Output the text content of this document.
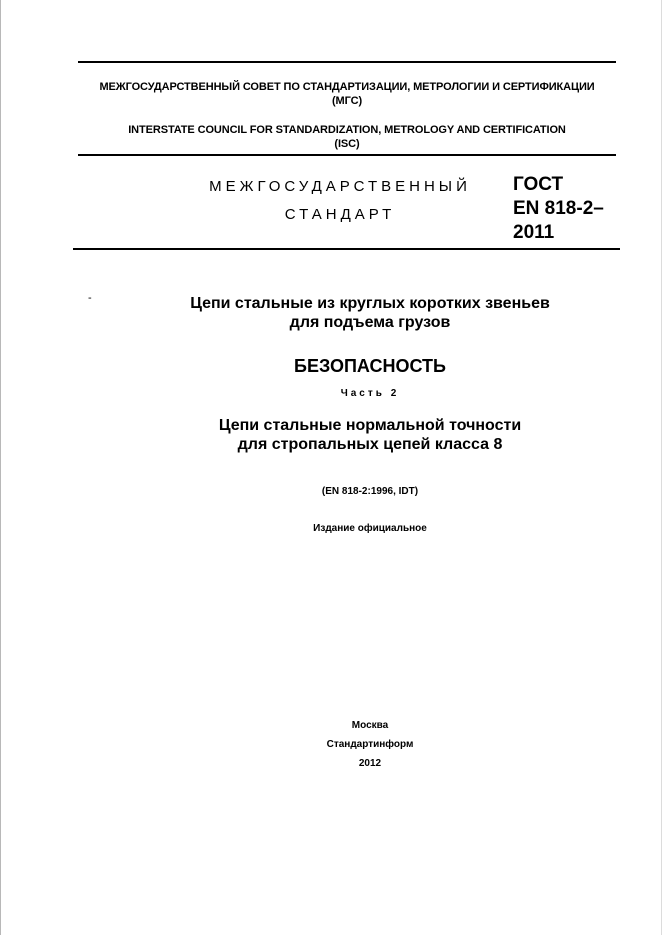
МЕЖГОСУДАРСТВЕННЫЙ СОВЕТ ПО СТАНДАРТИЗАЦИИ, МЕТРОЛОГИИ И СЕРТИФИКАЦИИ
(МГС)
INTERSTATE COUNCIL FOR STANDARDIZATION, METROLOGY AND CERTIFICATION
(ISC)
МЕЖГОСУДАРСТВЕННЫЙ
СТАНДАРТ
ГОСТ
EN 818-2–
2011
-	Цепи стальные из круглых коротких звеньев
для подъема грузов
БЕЗОПАСНОСТЬ
Часть 2
Цепи стальные нормальной точности
для стропальных цепей класса 8
(EN 818-2:1996, IDT)
Издание официальное
Москва
Стандартинформ
2012
